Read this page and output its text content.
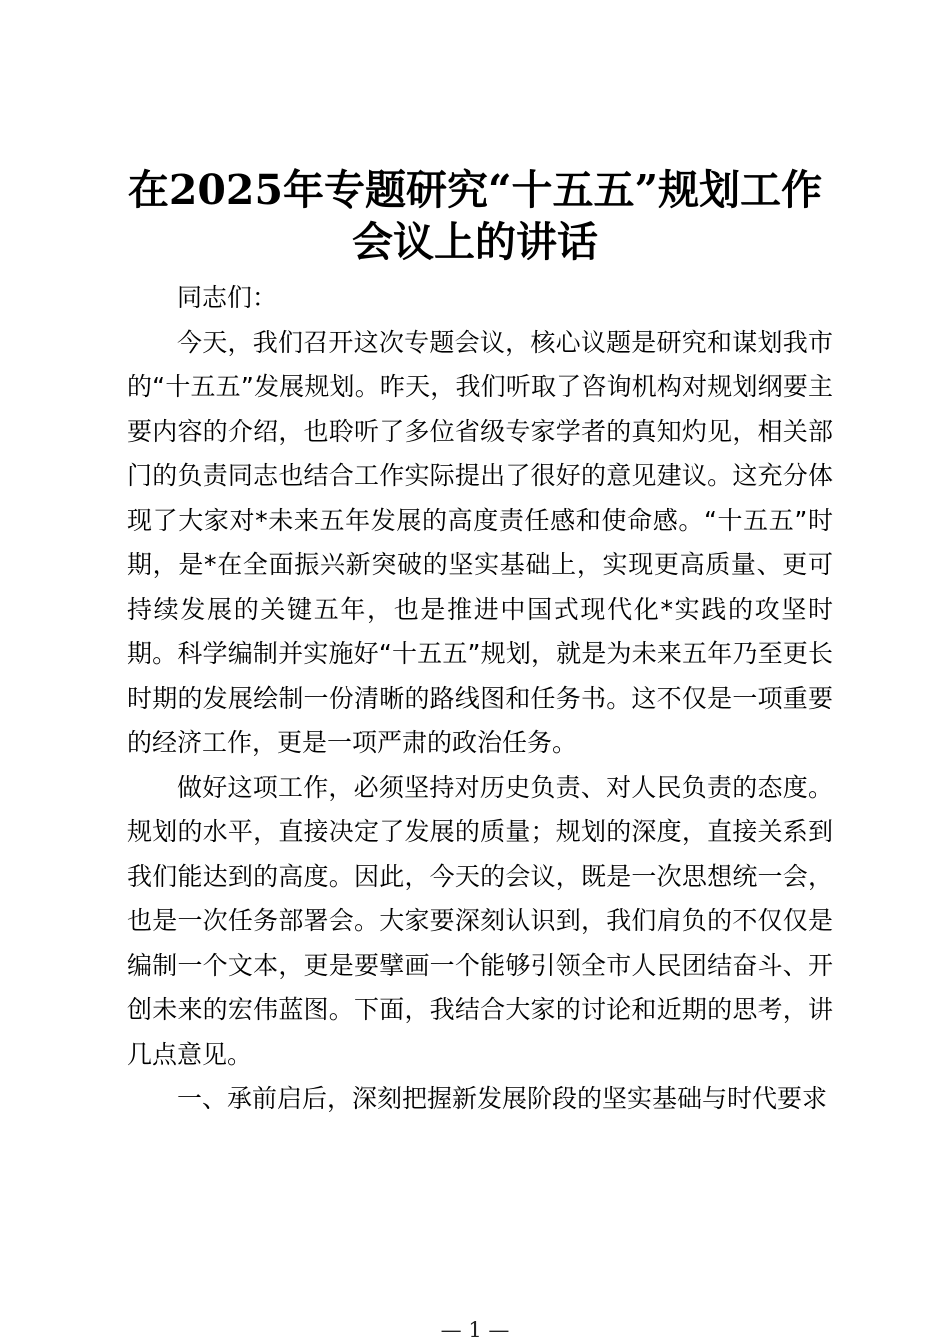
在2025年专题研究“十五五”规划工作会议上的讲话

同志们：

今天，我们召开这次专题会议，核心议题是研究和谋划我市的“十五五”发展规划。昨天，我们听取了咨询机构对规划纲要主要内容的介绍，也聆听了多位省级专家学者的真知灼见，相关部门的负责同志也结合工作实际提出了很好的意见建议。这充分体现了大家对*未来五年发展的高度责任感和使命感。“十五五”时期，是*在全面振兴新突破的坚实基础上，实现更高质量、更可持续发展的关键五年，也是推进中国式现代化*实践的攻坚时期。科学编制并实施好“十五五”规划，就是为未来五年乃至更长时期的发展绘制一份清晰的路线图和任务书。这不仅是一项重要的经济工作，更是一项严肃的政治任务。

做好这项工作，必须坚持对历史负责、对人民负责的态度。规划的水平，直接决定了发展的质量；规划的深度，直接关系到我们能达到的高度。因此，今天的会议，既是一次思想统一会，也是一次任务部署会。大家要深刻认识到，我们肩负的不仅仅是编制一个文本，更是要擘画一个能够引领全市人民团结奋斗、开创未来的宏伟蓝图。下面，我结合大家的讨论和近期的思考，讲几点意见。

一、承前启后，深刻把握新发展阶段的坚实基础与时代要求

— 1 —
